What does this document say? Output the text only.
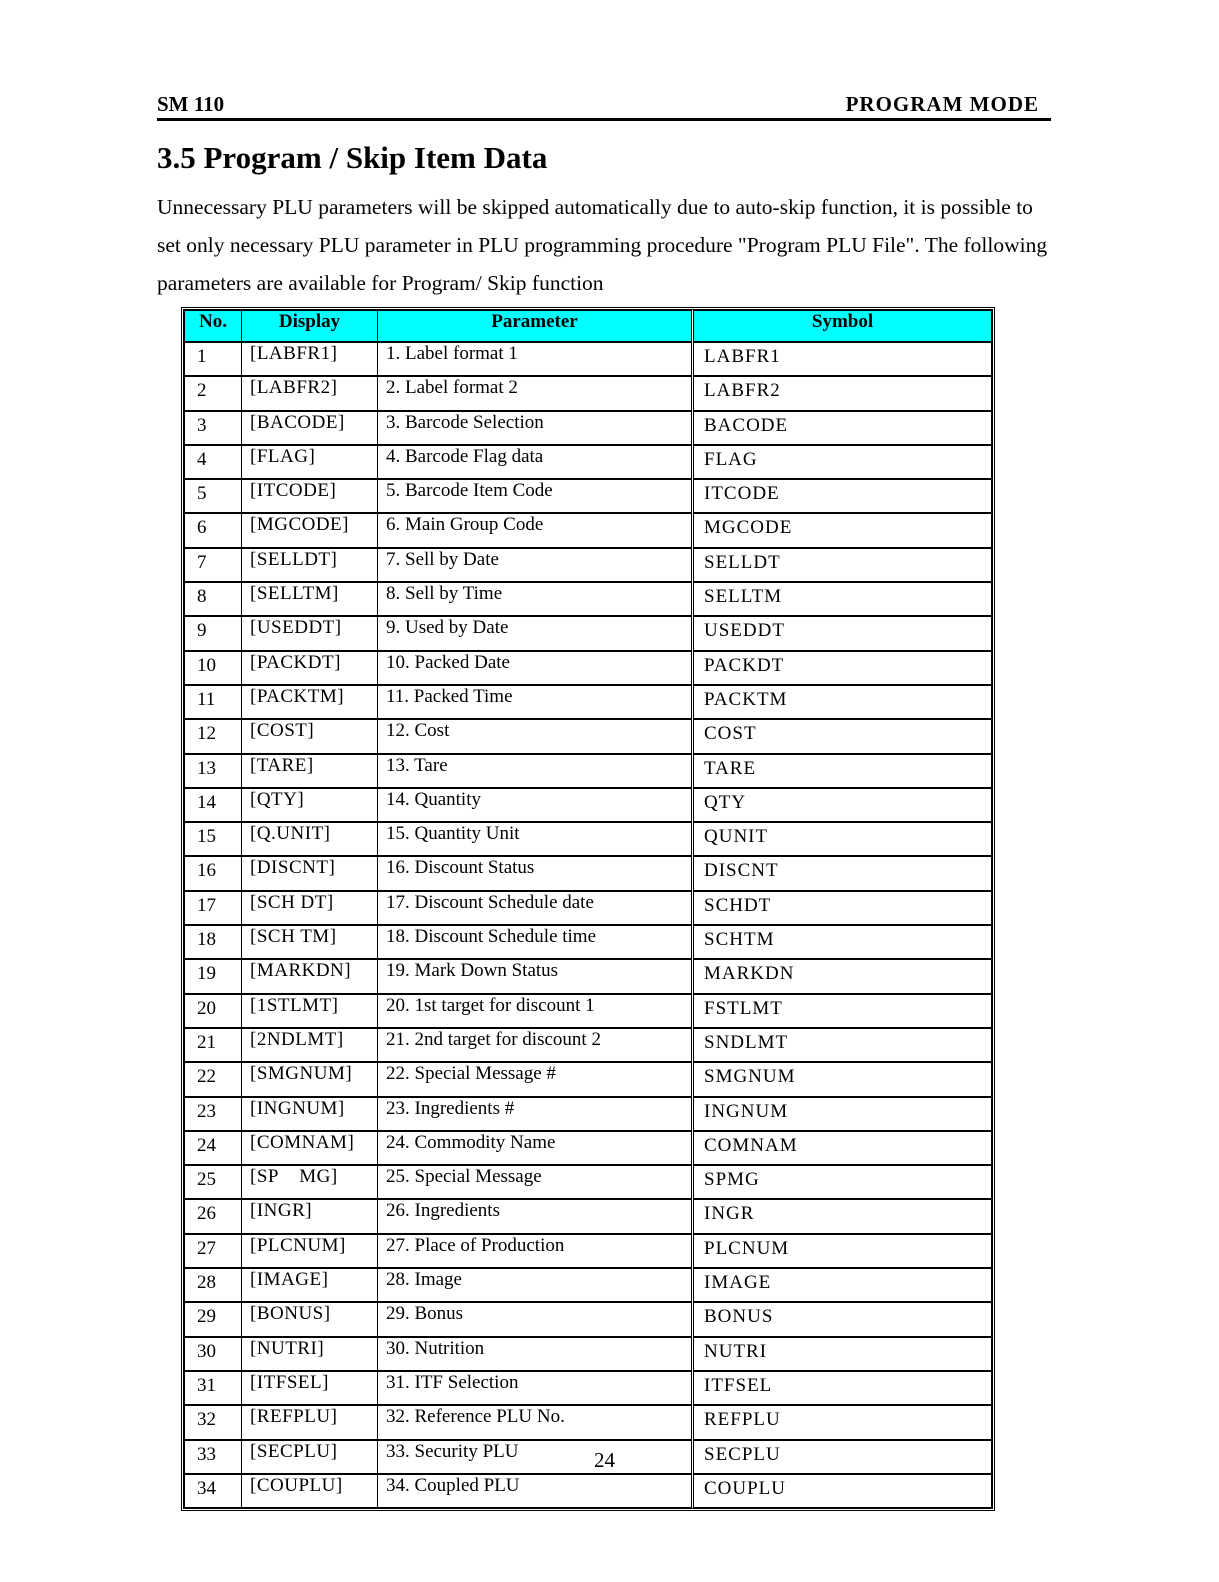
SM 110	PROGRAM MODE
3.5 Program / Skip Item Data

Unnecessary PLU parameters will be skipped automatically due to auto-skip function, it is possible to set only necessary PLU parameter in PLU programming procedure "Program PLU File". The following parameters are available for Program/ Skip function

No.	Display	Parameter	Symbol
1	[LABFR1]	1. Label format 1	LABFR1
2	[LABFR2]	2. Label format 2	LABFR2
3	[BACODE]	3. Barcode Selection	BACODE
4	[FLAG]	4. Barcode Flag data	FLAG
5	[ITCODE]	5. Barcode Item Code	ITCODE
6	[MGCODE]	6. Main Group Code	MGCODE
7	[SELLDT]	7. Sell by Date	SELLDT
8	[SELLTM]	8. Sell by Time	SELLTM
9	[USEDDT]	9. Used by Date	USEDDT
10	[PACKDT]	10. Packed Date	PACKDT
11	[PACKTM]	11. Packed Time	PACKTM
12	[COST]	12. Cost	COST
13	[TARE]	13. Tare	TARE
14	[QTY]	14. Quantity	QTY
15	[Q.UNIT]	15. Quantity Unit	QUNIT
16	[DISCNT]	16. Discount Status	DISCNT
17	[SCH DT]	17. Discount Schedule date	SCHDT
18	[SCH TM]	18. Discount Schedule time	SCHTM
19	[MARKDN]	19. Mark Down Status	MARKDN
20	[1STLMT]	20. 1st target for discount 1	FSTLMT
21	[2NDLMT]	21. 2nd target for discount 2	SNDLMT
22	[SMGNUM]	22. Special Message #	SMGNUM
23	[INGNUM]	23. Ingredients #	INGNUM
24	[COMNAM]	24. Commodity Name	COMNAM
25	[SP    MG]	25. Special Message	SPMG
26	[INGR]	26. Ingredients	INGR
27	[PLCNUM]	27. Place of Production	PLCNUM
28	[IMAGE]	28. Image	IMAGE
29	[BONUS]	29. Bonus	BONUS
30	[NUTRI]	30. Nutrition	NUTRI
31	[ITFSEL]	31. ITF Selection	ITFSEL
32	[REFPLU]	32. Reference PLU No.	REFPLU
33	[SECPLU]	33. Security PLU	SECPLU
34	[COUPLU]	34. Coupled PLU	COUPLU
24
